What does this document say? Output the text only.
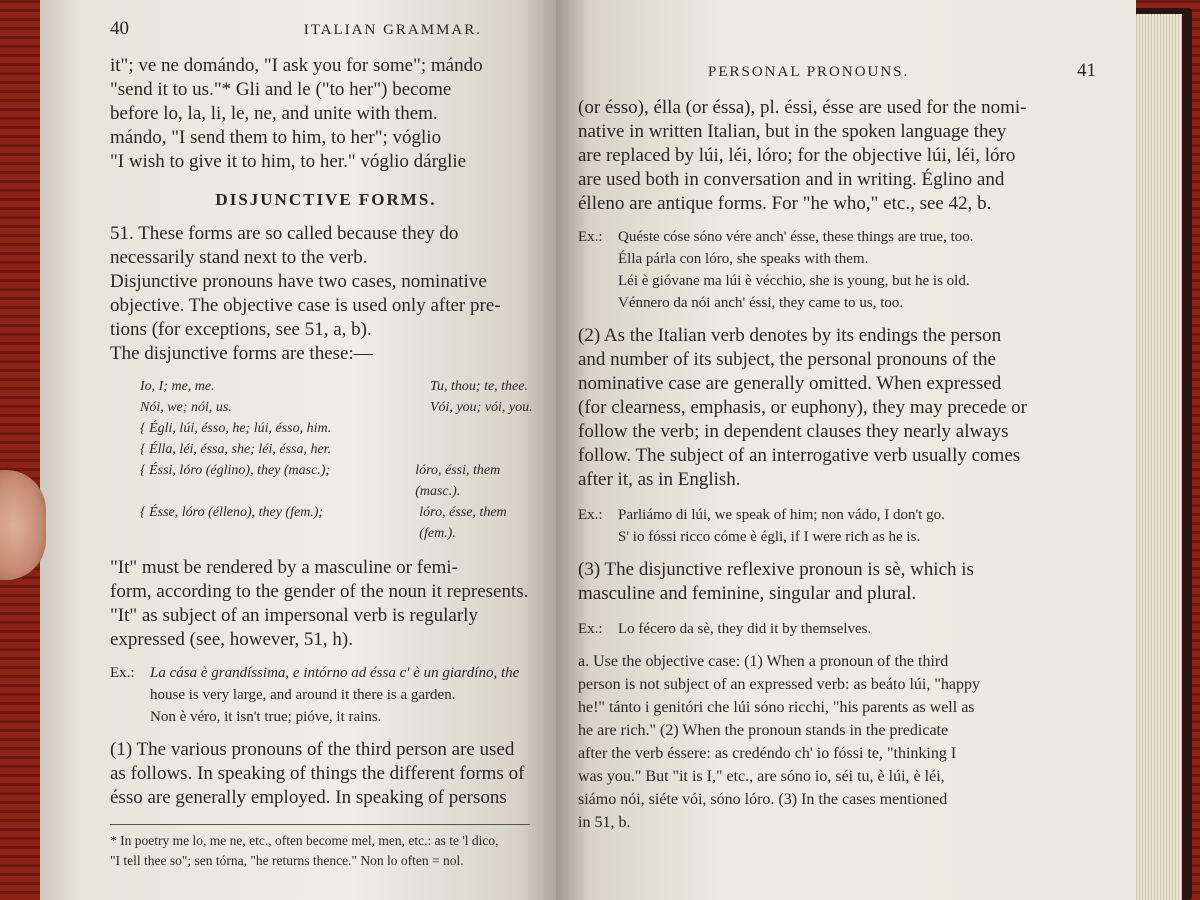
40	ITALIAN GRAMMAR.

it"; ve ne domándo, "I ask you for some"; mándo

"send it to us."* Gli and le ("to her") become

before lo, la, li, le, ne, and unite with them.

mándo, "I send them to him, to her"; vóglio

"I wish to give it to him, to her." vóglio dárglie

DISJUNCTIVE FORMS.

51. These forms are so called because they do

necessarily stand next to the verb.

Disjunctive pronouns have two cases, nominative

objective. The objective case is used only after pre-

tions (for exceptions, see 51, a, b).

The disjunctive forms are these:—

Io, I; me, me.	Tu, thou; te, thee.
Nói, we; nói, us.	Vói, you; vói, you.
{ Égli, lúi, ésso, he; lúi, ésso, him.
{ Élla, léi, éssa, she; léi, éssa, her.
{ Éssi, lóro (églino), they (masc.);	lóro, éssi, them (masc.).
{ Ésse, lóro (élleno), they (fem.);	lóro, ésse, them (fem.).

"It" must be rendered by a masculine or femi-

form, according to the gender of the noun it represents.

"It" as subject of an impersonal verb is regularly

expressed (see, however, 51, h).

Ex.:	La cása è grandíssima, e intórno ad éssa c' è un giardíno, the
house is very large, and around it there is a garden.
Non è véro, it isn't true; pióve, it rains.

(1) The various pronouns of the third person are used

as follows. In speaking of things the different forms of

ésso are generally employed. In speaking of persons

* In poetry me lo, me ne, etc., often become mel, men, etc.: as te 'l dico,
"I tell thee so"; sen tórna, "he returns thence." Non lo often = nol.
PERSONAL PRONOUNS.	41

(or ésso), élla (or éssa), pl. éssi, ésse are used for the nomi-

native in written Italian, but in the spoken language they

are replaced by lúi, léi, lóro; for the objective lúi, léi, lóro

are used both in conversation and in writing. Églino and

élleno are antique forms. For "he who," etc., see 42, b.

Ex.:	Quéste cóse sóno vére anch' ésse, these things are true, too.
Élla párla con lóro, she speaks with them.
Léi è gióvane ma lúi è vécchio, she is young, but he is old.
Vénnero da nói anch' éssi, they came to us, too.

(2) As the Italian verb denotes by its endings the person

and number of its subject, the personal pronouns of the

nominative case are generally omitted. When expressed

(for clearness, emphasis, or euphony), they may precede or

follow the verb; in dependent clauses they nearly always

follow. The subject of an interrogative verb usually comes

after it, as in English.

Ex.:	Parliámo di lúi, we speak of him; non vádo, I don't go.
S' io fóssi ricco cóme è égli, if I were rich as he is.

(3) The disjunctive reflexive pronoun is sè, which is

masculine and feminine, singular and plural.

Ex.:	Lo fécero da sè, they did it by themselves.
a. Use the objective case: (1) When a pronoun of the third
person is not subject of an expressed verb: as beáto lúi, "happy
he!" tánto i genitóri che lúi sóno ricchi, "his parents as well as
he are rich." (2) When the pronoun stands in the predicate
after the verb éssere: as credéndo ch' io fóssi te, "thinking I
was you." But "it is I," etc., are sóno io, séi tu, è lúi, è léi,
siámo nói, siéte vói, sóno lóro. (3) In the cases mentioned
in 51, b.
